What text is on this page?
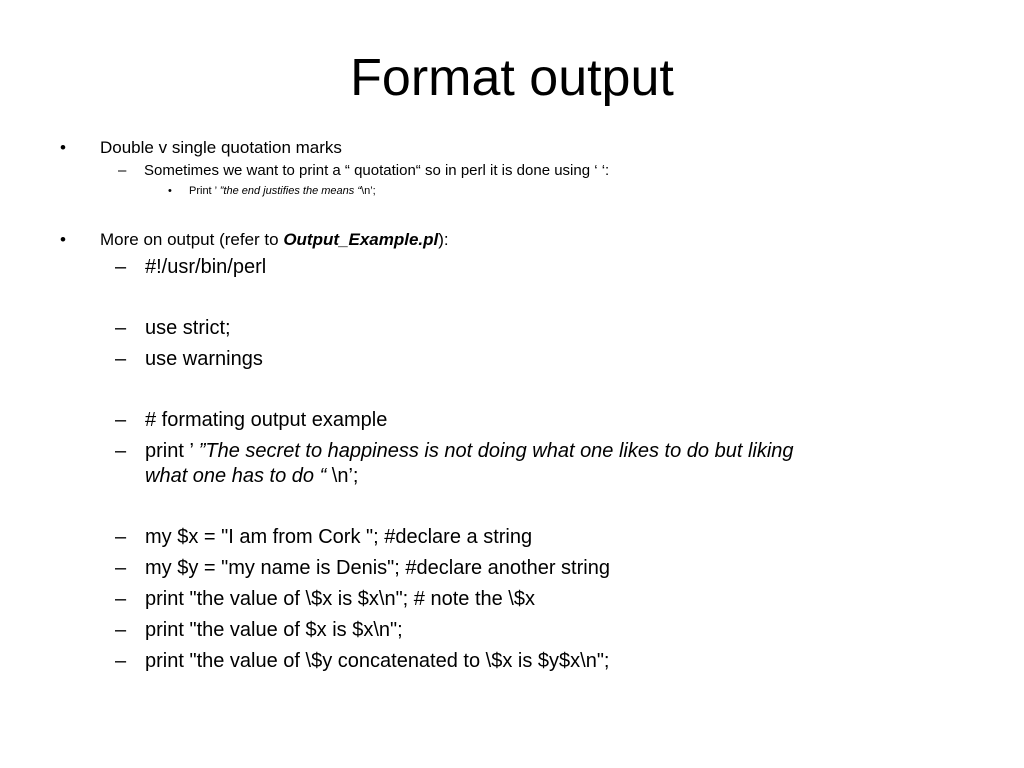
Format output
• Double v single quotation marks
– Sometimes we want to print a “ quotation“ so in perl it is done using ‘ ‘:
• Print ’ ”the end justifies the means “\n’;
• More on output (refer to Output_Example.pl):
– #!/usr/bin/perl
– use strict;
– use warnings
– # formating output example
– print ’ ”The secret to happiness is not doing what one likes to do but liking
what one has to do “ \n’;
– my $x = "I am from Cork "; #declare a string
– my $y = "my name is Denis"; #declare another string
– print "the value of \$x is $x\n"; # note the \$x
– print "the value of $x is $x\n";
– print "the value of \$y concatenated to \$x is $y$x\n";
